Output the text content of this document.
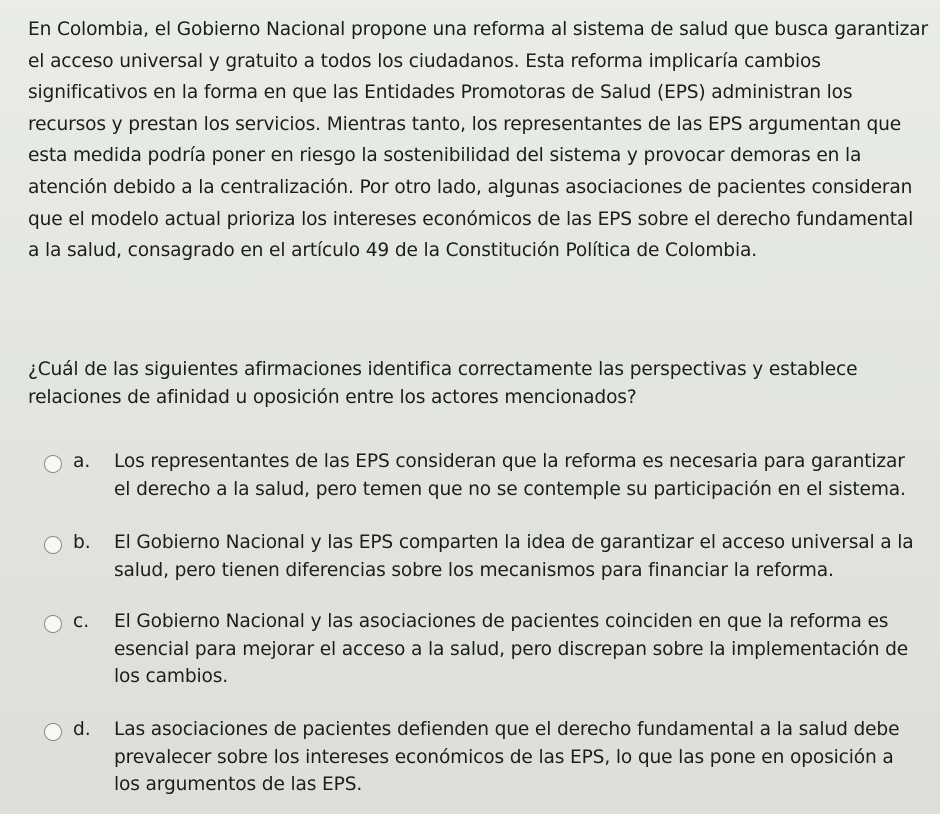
En Colombia, el Gobierno Nacional propone una reforma al sistema de salud que busca garantizar el acceso universal y gratuito a todos los ciudadanos. Esta reforma implicaría cambios significativos en la forma en que las Entidades Promotoras de Salud (EPS) administran los recursos y prestan los servicios. Mientras tanto, los representantes de las EPS argumentan que esta medida podría poner en riesgo la sostenibilidad del sistema y provocar demoras en la atención debido a la centralización. Por otro lado, algunas asociaciones de pacientes consideran que el modelo actual prioriza los intereses económicos de las EPS sobre el derecho fundamental a la salud, consagrado en el artículo 49 de la Constitución Política de Colombia.

¿Cuál de las siguientes afirmaciones identifica correctamente las perspectivas y establece relaciones de afinidad u oposición entre los actores mencionados?

a.	Los representantes de las EPS consideran que la reforma es necesaria para garantizar el derecho a la salud, pero temen que no se contemple su participación en el sistema.
b.	El Gobierno Nacional y las EPS comparten la idea de garantizar el acceso universal a la salud, pero tienen diferencias sobre los mecanismos para financiar la reforma.
c.	El Gobierno Nacional y las asociaciones de pacientes coinciden en que la reforma es esencial para mejorar el acceso a la salud, pero discrepan sobre la implementación de los cambios.
d.	Las asociaciones de pacientes defienden que el derecho fundamental a la salud debe prevalecer sobre los intereses económicos de las EPS, lo que las pone en oposición a los argumentos de las EPS.
